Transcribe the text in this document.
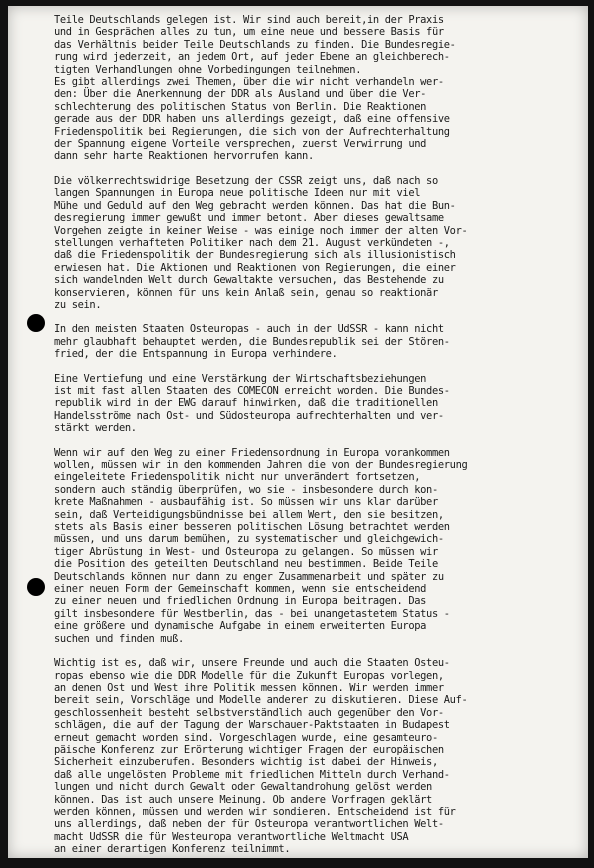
Teile Deutschlands gelegen ist. Wir sind auch bereit,in der Praxis
und in Gesprächen alles zu tun, um eine neue und bessere Basis für
das Verhältnis beider Teile Deutschlands zu finden. Die Bundesregie-
rung wird jederzeit, an jedem Ort, auf jeder Ebene an gleichberech-
tigten Verhandlungen ohne Vorbedingungen teilnehmen.
Es gibt allerdings zwei Themen, über die wir nicht verhandeln wer-
den: Über die Anerkennung der DDR als Ausland und über die Ver-
schlechterung des politischen Status von Berlin. Die Reaktionen
gerade aus der DDR haben uns allerdings gezeigt, daß eine offensive
Friedenspolitik bei Regierungen, die sich von der Aufrechterhaltung
der Spannung eigene Vorteile versprechen, zuerst Verwirrung und
dann sehr harte Reaktionen hervorrufen kann.
Die völkerrechtswidrige Besetzung der CSSR zeigt uns, daß nach so
langen Spannungen in Europa neue politische Ideen nur mit viel
Mühe und Geduld auf den Weg gebracht werden können. Das hat die Bun-
desregierung immer gewußt und immer betont. Aber dieses gewaltsame
Vorgehen zeigte in keiner Weise - was einige noch immer der alten Vor-
stellungen verhafteten Politiker nach dem 21. August verkündeten -,
daß die Friedenspolitik der Bundesregierung sich als illusionistisch
erwiesen hat. Die Aktionen und Reaktionen von Regierungen, die einer
sich wandelnden Welt durch Gewaltakte versuchen, das Bestehende zu
konservieren, können für uns kein Anlaß sein, genau so reaktionär
zu sein.
In den meisten Staaten Osteuropas - auch in der UdSSR - kann nicht
mehr glaubhaft behauptet werden, die Bundesrepublik sei der Stören-
fried, der die Entspannung in Europa verhindere.
Eine Vertiefung und eine Verstärkung der Wirtschaftsbeziehungen
ist mit fast allen Staaten des COMECON erreicht worden. Die Bundes-
republik wird in der EWG darauf hinwirken, daß die traditionellen
Handelsströme nach Ost- und Südosteuropa aufrechterhalten und ver-
stärkt werden.
Wenn wir auf den Weg zu einer Friedensordnung in Europa vorankommen
wollen, müssen wir in den kommenden Jahren die von der Bundesregierung
eingeleitete Friedenspolitik nicht nur unverändert fortsetzen,
sondern auch ständig überprüfen, wo sie - insbesondere durch kon-
krete Maßnahmen - ausbaufähig ist. So müssen wir uns klar darüber
sein, daß Verteidigungsbündnisse bei allem Wert, den sie besitzen,
stets als Basis einer besseren politischen Lösung betrachtet werden
müssen, und uns darum bemühen, zu systematischer und gleichgewich-
tiger Abrüstung in West- und Osteuropa zu gelangen. So müssen wir
die Position des geteilten Deutschland neu bestimmen. Beide Teile
Deutschlands können nur dann zu enger Zusammenarbeit und später zu
einer neuen Form der Gemeinschaft kommen, wenn sie entscheidend
zu einer neuen und friedlichen Ordnung in Europa beitragen. Das
gilt insbesondere für Westberlin, das - bei unangetastetem Status -
eine größere und dynamische Aufgabe in einem erweiterten Europa
suchen und finden muß.
Wichtig ist es, daß wir, unsere Freunde und auch die Staaten Osteu-
ropas ebenso wie die DDR Modelle für die Zukunft Europas vorlegen,
an denen Ost und West ihre Politik messen können. Wir werden immer
bereit sein, Vorschläge und Modelle anderer zu diskutieren. Diese Auf-
geschlossenheit besteht selbstverständlich auch gegenüber den Vor-
schlägen, die auf der Tagung der Warschauer-Paktstaaten in Budapest
erneut gemacht worden sind. Vorgeschlagen wurde, eine gesamteuro-
päische Konferenz zur Erörterung wichtiger Fragen der europäischen
Sicherheit einzuberufen. Besonders wichtig ist dabei der Hinweis,
daß alle ungelösten Probleme mit friedlichen Mitteln durch Verhand-
lungen und nicht durch Gewalt oder Gewaltandrohung gelöst werden
können. Das ist auch unsere Meinung. Ob andere Vorfragen geklärt
werden können, müssen und werden wir sondieren. Entscheidend ist für
uns allerdings, daß neben der für Osteuropa verantwortlichen Welt-
macht UdSSR die für Westeuropa verantwortliche Weltmacht USA
an einer derartigen Konferenz teilnimmt.
